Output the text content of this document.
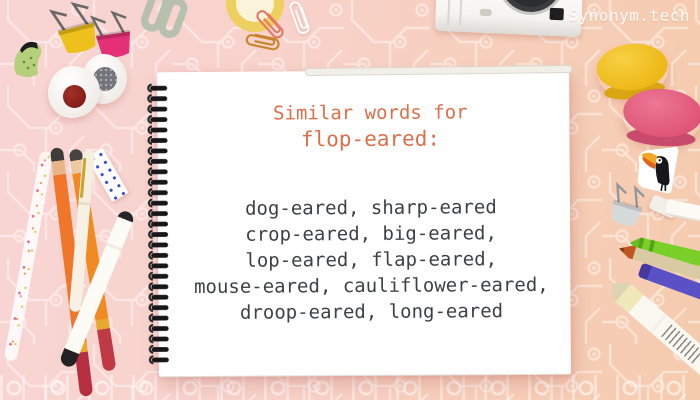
Synonym.tech
Similar words for
flop-eared:
dog-eared, sharp-eared
crop-eared, big-eared,
lop-eared, flap-eared,
mouse-eared, cauliflower-eared,
droop-eared, long-eared
